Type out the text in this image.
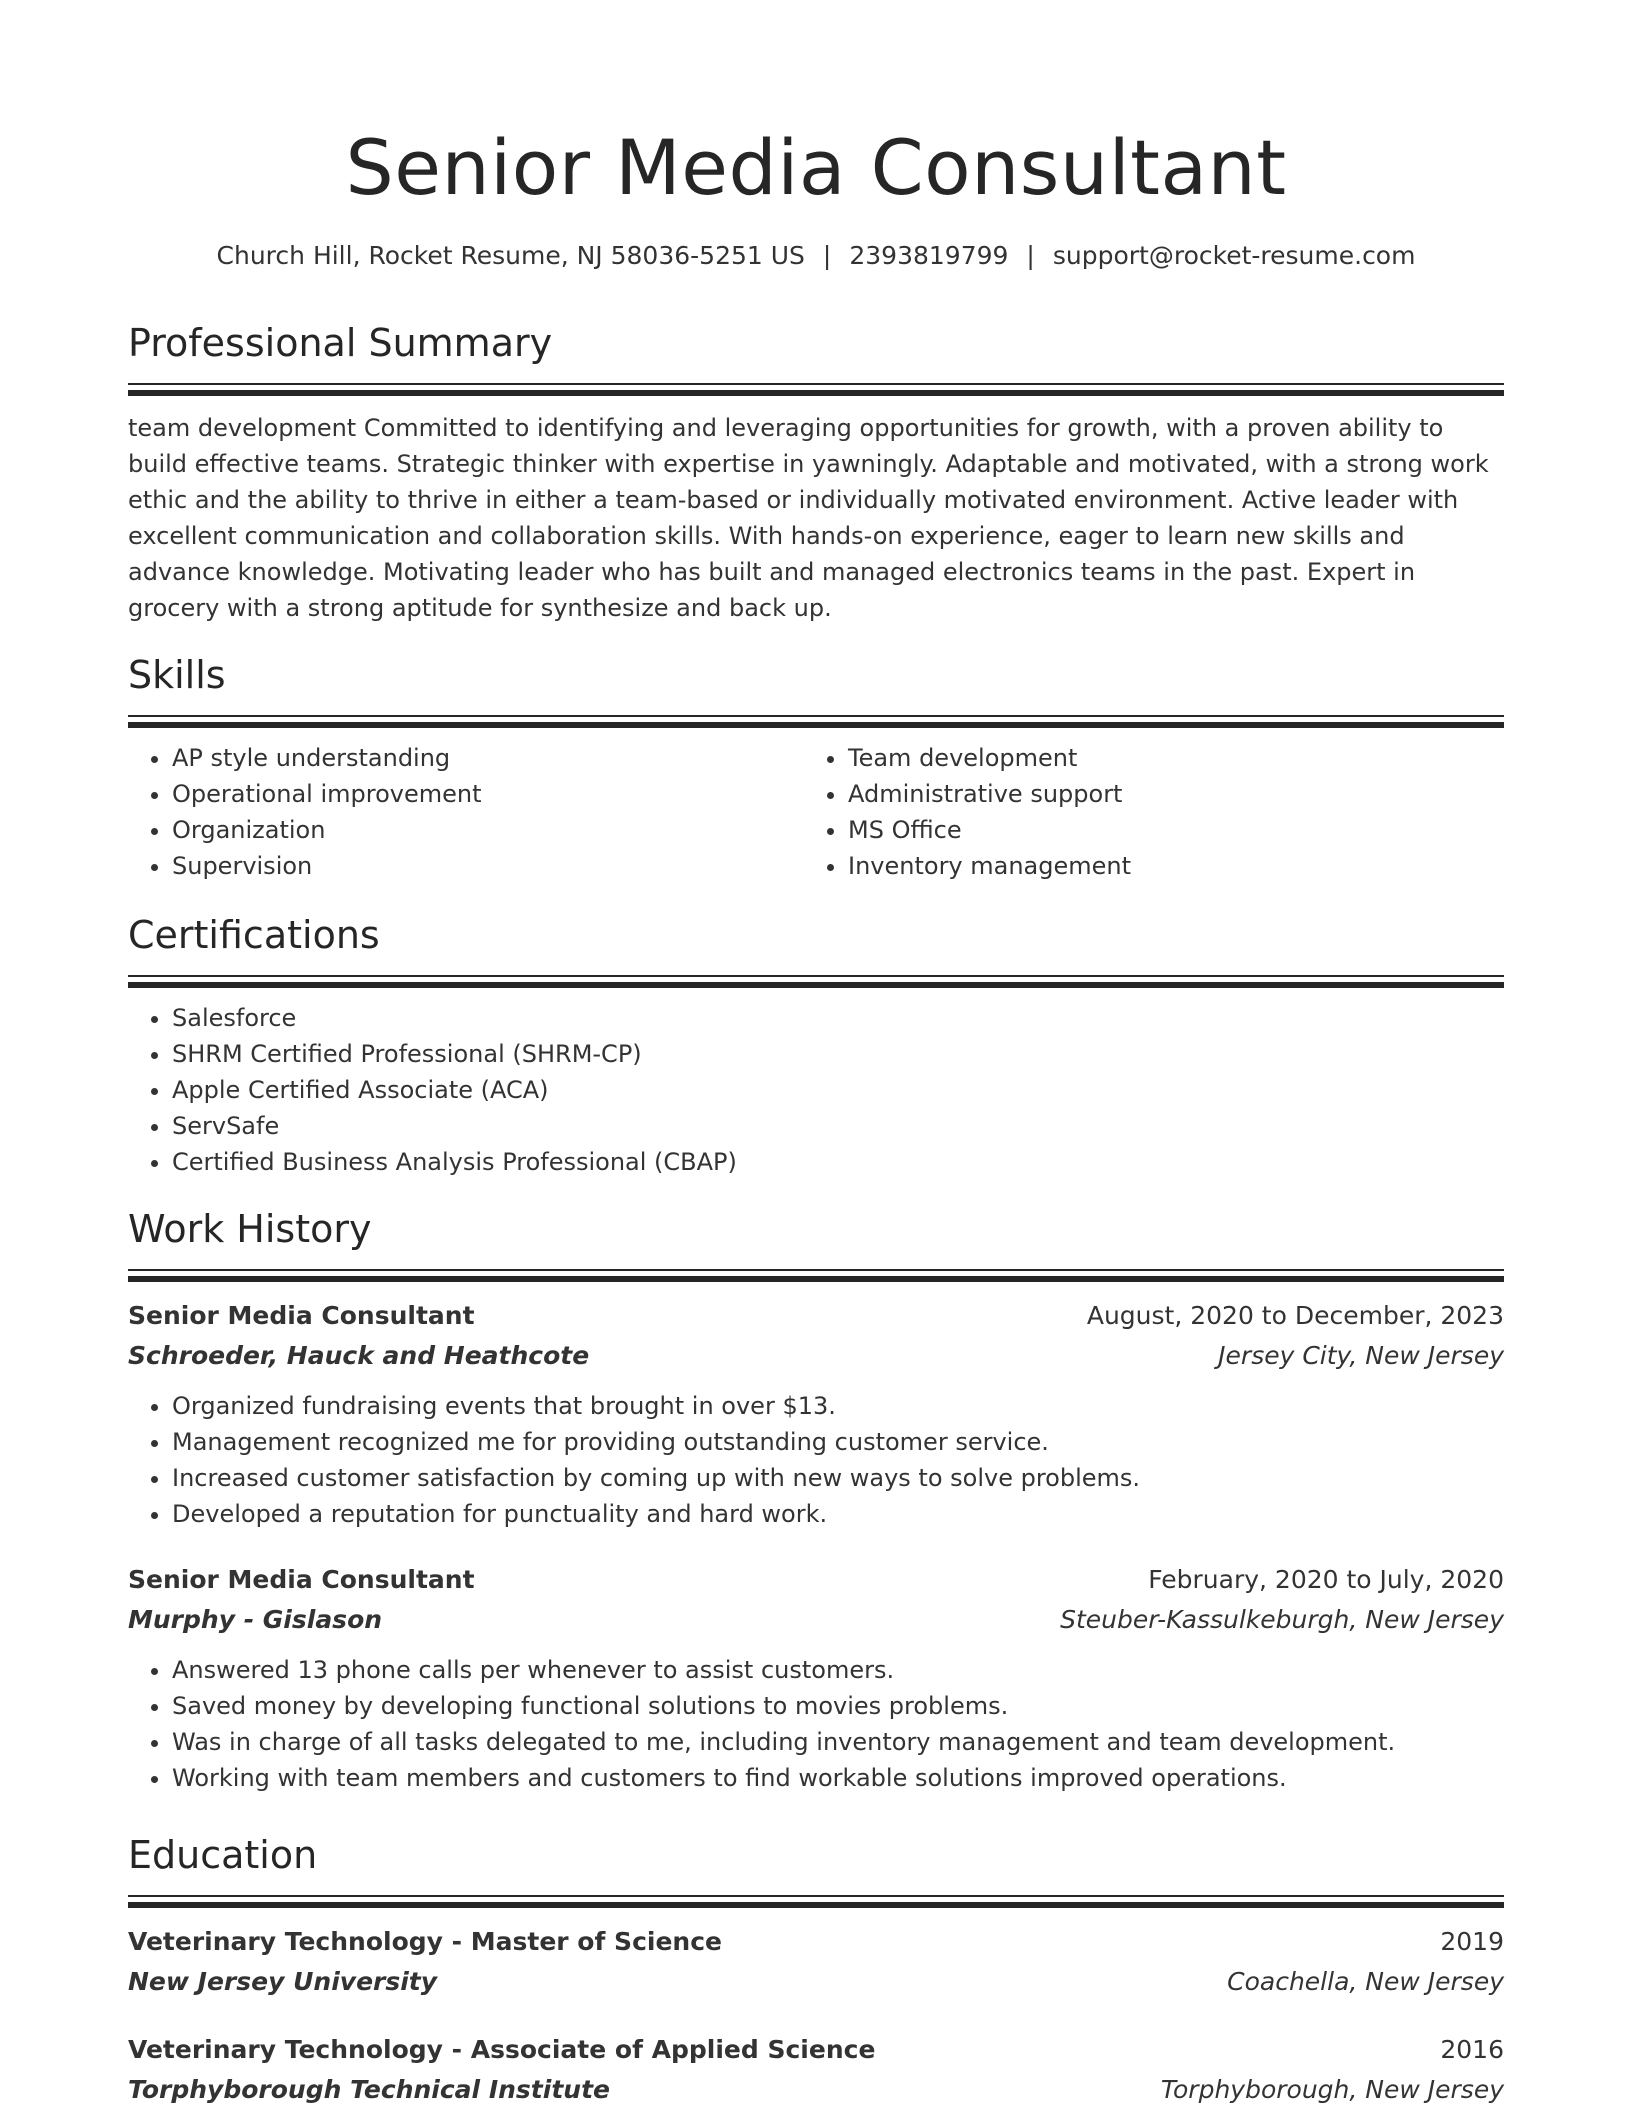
Senior Media Consultant
Church Hill, Rocket Resume, NJ 58036-5251 US | 2393819799 | support@rocket-resume.com
Professional Summary
team development Committed to identifying and leveraging opportunities for growth, with a proven ability to build effective teams. Strategic thinker with expertise in yawningly. Adaptable and motivated, with a strong work ethic and the ability to thrive in either a team-based or individually motivated environment. Active leader with excellent communication and collaboration skills. With hands-on experience, eager to learn new skills and advance knowledge. Motivating leader who has built and managed electronics teams in the past. Expert in grocery with a strong aptitude for synthesize and back up.
Skills
• AP style understanding
• Operational improvement
• Organization
• Supervision
• Team development
• Administrative support
• MS Office
• Inventory management
Certifications
• Salesforce
• SHRM Certified Professional (SHRM-CP)
• Apple Certified Associate (ACA)
• ServSafe
• Certified Business Analysis Professional (CBAP)
Work History
Senior Media Consultant	August, 2020 to December, 2023
Schroeder, Hauck and Heathcote	Jersey City, New Jersey
• Organized fundraising events that brought in over $13.
• Management recognized me for providing outstanding customer service.
• Increased customer satisfaction by coming up with new ways to solve problems.
• Developed a reputation for punctuality and hard work.
Senior Media Consultant	February, 2020 to July, 2020
Murphy - Gislason	Steuber-Kassulkeburgh, New Jersey
• Answered 13 phone calls per whenever to assist customers.
• Saved money by developing functional solutions to movies problems.
• Was in charge of all tasks delegated to me, including inventory management and team development.
• Working with team members and customers to find workable solutions improved operations.
Education
Veterinary Technology - Master of Science	2019
New Jersey University	Coachella, New Jersey
Veterinary Technology - Associate of Applied Science	2016
Torphyborough Technical Institute	Torphyborough, New Jersey
